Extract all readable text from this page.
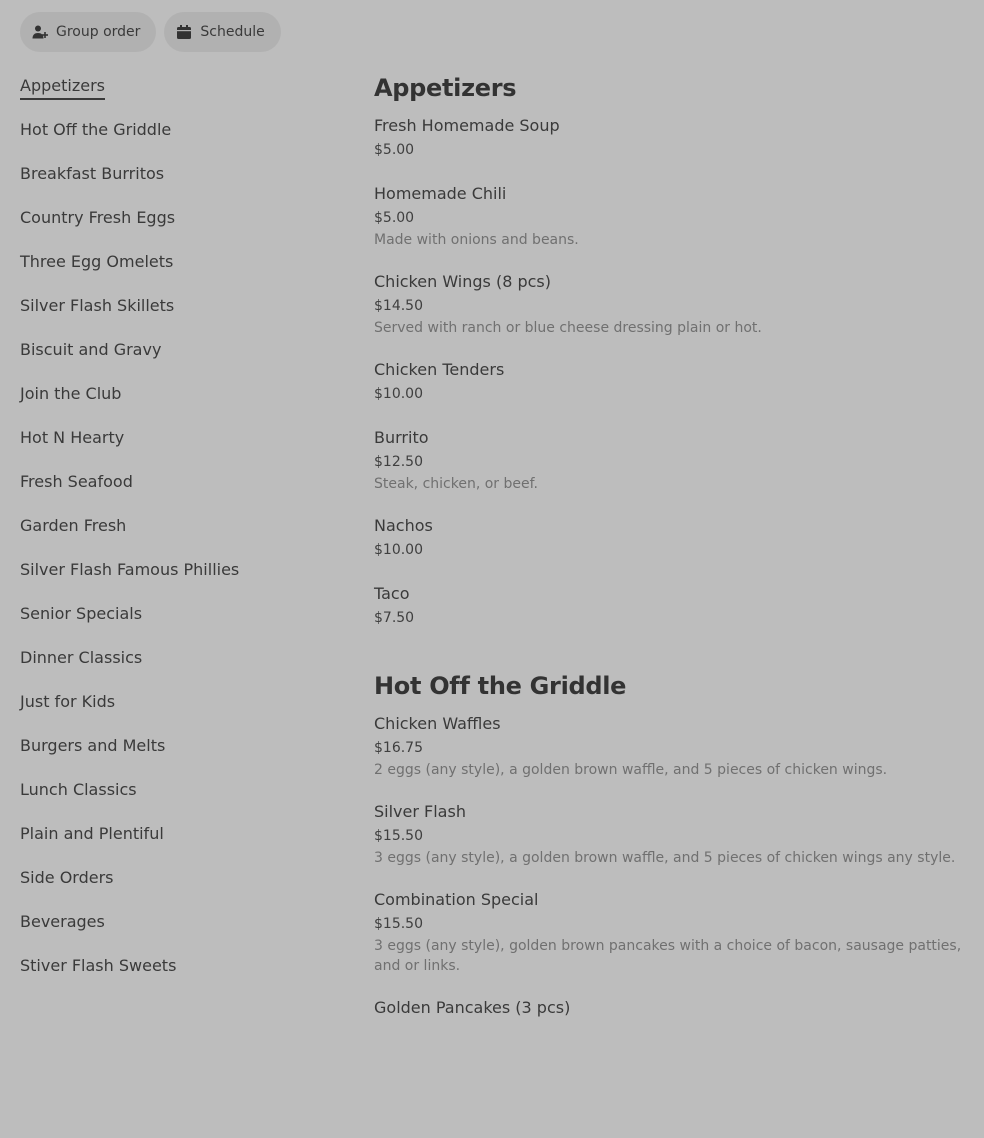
Group order	Schedule
Appetizers
Hot Off the Griddle
Breakfast Burritos
Country Fresh Eggs
Three Egg Omelets
Silver Flash Skillets
Biscuit and Gravy
Join the Club
Hot N Hearty
Fresh Seafood
Garden Fresh
Silver Flash Famous Phillies
Senior Specials
Dinner Classics
Just for Kids
Burgers and Melts
Lunch Classics
Plain and Plentiful
Side Orders
Beverages
Stiver Flash Sweets
Appetizers
Fresh Homemade Soup
$5.00
Homemade Chili
$5.00
Made with onions and beans.
Chicken Wings (8 pcs)
$14.50
Served with ranch or blue cheese dressing plain or hot.
Chicken Tenders
$10.00
Burrito
$12.50
Steak, chicken, or beef.
Nachos
$10.00
Taco
$7.50
Hot Off the Griddle
Chicken Waffles
$16.75
2 eggs (any style), a golden brown waffle, and 5 pieces of chicken wings.
Silver Flash
$15.50
3 eggs (any style), a golden brown waffle, and 5 pieces of chicken wings any style.
Combination Special
$15.50
3 eggs (any style), golden brown pancakes with a choice of bacon, sausage patties, and or links.
Golden Pancakes (3 pcs)
